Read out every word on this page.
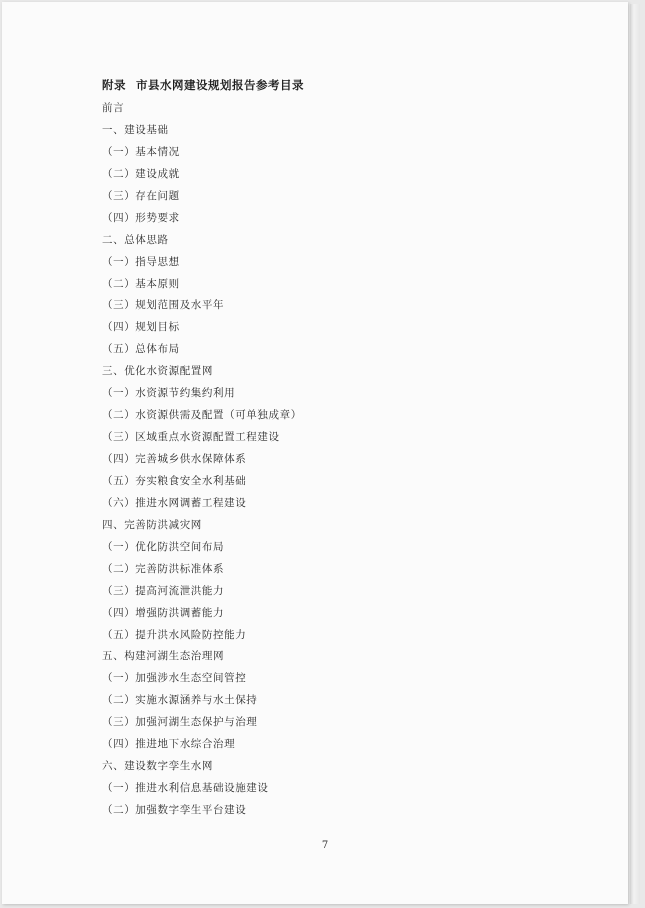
附录 市县水网建设规划报告参考目录
前言
一、建设基础
（一）基本情况
（二）建设成就
（三）存在问题
（四）形势要求
二、总体思路
（一）指导思想
（二）基本原则
（三）规划范围及水平年
（四）规划目标
（五）总体布局
三、优化水资源配置网
（一）水资源节约集约利用
（二）水资源供需及配置（可单独成章）
（三）区域重点水资源配置工程建设
（四）完善城乡供水保障体系
（五）夯实粮食安全水利基础
（六）推进水网调蓄工程建设
四、完善防洪减灾网
（一）优化防洪空间布局
（二）完善防洪标准体系
（三）提高河流泄洪能力
（四）增强防洪调蓄能力
（五）提升洪水风险防控能力
五、构建河湖生态治理网
（一）加强涉水生态空间管控
（二）实施水源涵养与水土保持
（三）加强河湖生态保护与治理
（四）推进地下水综合治理
六、建设数字孪生水网
（一）推进水利信息基础设施建设
（二）加强数字孪生平台建设
7
